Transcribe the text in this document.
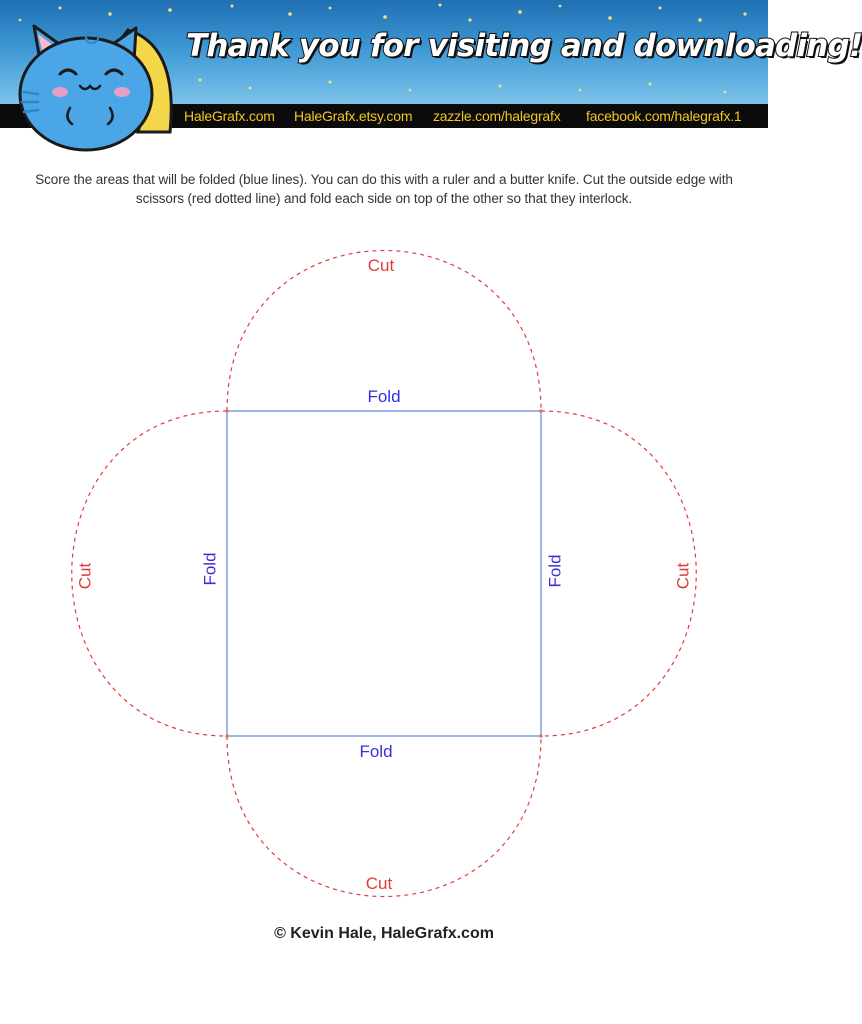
HaleGrafx.com HaleGrafx.etsy.com zazzle.com/halegrafx facebook.com/halegrafx.1
Thank you for visiting and downloading!
Score the areas that will be folded (blue lines). You can do this with a ruler and a butter knife. Cut the outside edge with scissors (red dotted line) and fold each side on top of the other so that they interlock.
Cut
Cut
Cut	Cut
Fold
Fold
Fold	Fold
© Kevin Hale, HaleGrafx.com
